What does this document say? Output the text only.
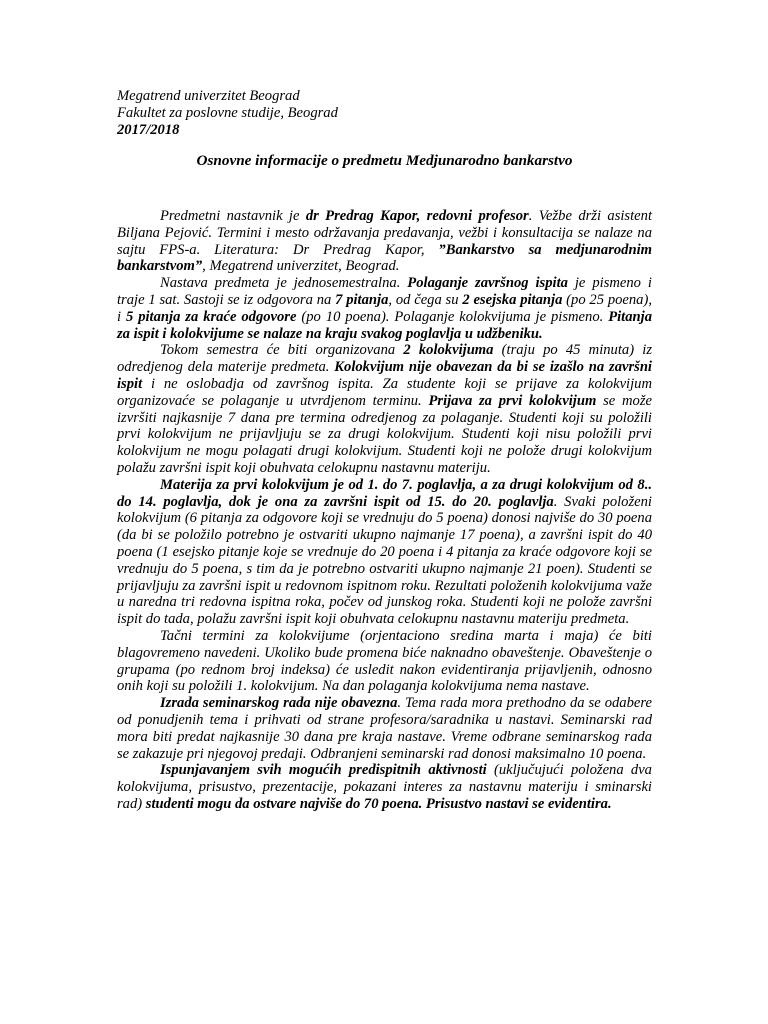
Megatrend univerzitet Beograd
Fakultet za poslovne studije, Beograd
2017/2018
Osnovne informacije o predmetu Medjunarodno bankarstvo

Predmetni nastavnik je dr Predrag Kapor, redovni profesor. Vežbe drži asistent Biljana Pejović. Termini i mesto održavanja predavanja, vežbi i konsultacija se nalaze na sajtu FPS-a. Literatura: Dr Predrag Kapor, ”Bankarstvo sa medjunarodnim bankarstvom”, Megatrend univerzitet, Beograd.

Nastava predmeta je jednosemestralna. Polaganje završnog ispita je pismeno i traje 1 sat. Sastoji se iz odgovora na 7 pitanja, od čega su 2 esejska pitanja (po 25 poena), i 5 pitanja za kraće odgovore (po 10 poena). Polaganje kolokvijuma je pismeno. Pitanja za ispit i kolokvijume se nalaze na kraju svakog poglavlja u udžbeniku.

Tokom semestra će biti organizovana 2 kolokvijuma (traju po 45 minuta) iz odredjenog dela materije predmeta. Kolokvijum nije obavezan da bi se izašlo na završni ispit i ne oslobadja od završnog ispita. Za studente koji se prijave za kolokvijum organizovaće se polaganje u utvrdjenom terminu. Prijava za prvi kolokvijum se može izvršiti najkasnije 7 dana pre termina odredjenog za polaganje. Studenti koji su položili prvi kolokvijum ne prijavljuju se za drugi kolokvijum. Studenti koji nisu položili prvi kolokvijum ne mogu polagati drugi kolokvijum. Studenti koji ne polože drugi kolokvijum polažu završni ispit koji obuhvata celokupnu nastavnu materiju.

Materija za prvi kolokvijum je od 1. do 7. poglavlja, a za drugi kolokvijum od 8.. do 14. poglavlja, dok je ona za završni ispit od 15. do 20. poglavlja. Svaki položeni kolokvijum (6 pitanja za odgovore koji se vrednuju do 5 poena) donosi najviše do 30 poena (da bi se položilo potrebno je ostvariti ukupno najmanje 17 poena), a završni ispit do 40 poena (1 esejsko pitanje koje se vrednuje do 20 poena i 4 pitanja za kraće odgovore koji se vrednuju do 5 poena, s tim da je potrebno ostvariti ukupno najmanje 21 poen). Studenti se prijavljuju za završni ispit u redovnom ispitnom roku. Rezultati položenih kolokvijuma važe u naredna tri redovna ispitna roka, počev od junskog roka. Studenti koji ne polože završni ispit do tada, polažu završni ispit koji obuhvata celokupnu nastavnu materiju predmeta.

Tačni termini za kolokvijume (orjentaciono sredina marta i maja) će biti blagovremeno navedeni. Ukoliko bude promena biće naknadno obaveštenje. Obaveštenje o grupama (po rednom broj indeksa) će usledit nakon evidentiranja prijavljenih, odnosno onih koji su položili 1. kolokvijum. Na dan polaganja kolokvijuma nema nastave.

Izrada seminarskog rada nije obavezna. Tema rada mora prethodno da se odabere od ponudjenih tema i prihvati od strane profesora/saradnika u nastavi. Seminarski rad mora biti predat najkasnije 30 dana pre kraja nastave. Vreme odbrane seminarskog rada se zakazuje pri njegovoj predaji. Odbranjeni seminarski rad donosi maksimalno 10 poena.

Ispunjavanjem svih mogućih predispitnih aktivnosti (uključujući položena dva kolokvijuma, prisustvo, prezentacije, pokazani interes za nastavnu materiju i sminarski rad) studenti mogu da ostvare najviše do 70 poena. Prisustvo nastavi se evidentira.
